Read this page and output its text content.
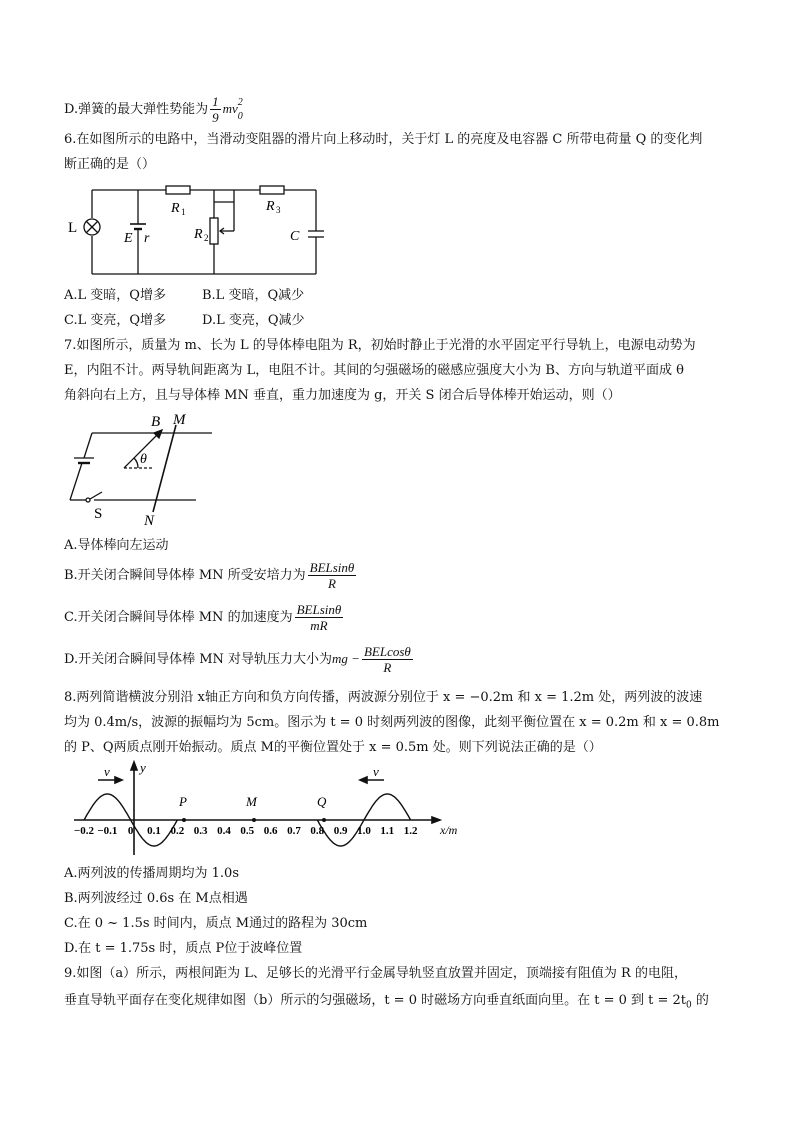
D.弹簧的最大弹性势能为 $\frac{1}{9}$ mv 2
0
6.在如图所示的电路中，当滑动变阻器的滑片向上移动时，关于灯 L 的亮度及电容器 C 所带电荷量 Q 的变化判
断正确的是（）
L
E r
R 1
R 2
R 3
C
A.L 变暗，Q增多	B.L 变暗，Q减少
C.L 变亮，Q增多	D.L 变亮，Q减少
7.如图所示，质量为 m、长为 L 的导体棒电阻为 R，初始时静止于光滑的水平固定平行导轨上，电源电动势为
E，内阻不计。两导轨间距离为 L，电阻不计。其间的匀强磁场的磁感应强度大小为 B、方向与轨道平面成 θ
角斜向右上方，且与导体棒 MN 垂直，重力加速度为 g，开关 S 闭合后导体棒开始运动，则（）
B M
θ
S	N
A.导体棒向左运动
B.开关闭合瞬间导体棒 MN 所受安培力为 $\frac{\text{BELsinθ}}{R}$
C.开关闭合瞬间导体棒 MN 的加速度为 $\frac{\text{BELsinθ}}{mR}$
D.开关闭合瞬间导体棒 MN 对导轨压力大小为mg − $\frac{\text{BELcosθ}}{R}$
8.两列简谐横波分别沿 x轴正方向和负方向传播，两波源分别位于 x = −0.2m 和 x = 1.2m 处，两列波的波速
均为 0.4m/s，波源的振幅均为 5cm。图示为 t = 0 时刻两列波的图像，此刻平衡位置在 x = 0.2m 和 x = 0.8m
的 P、Q两质点刚开始振动。质点 M的平衡位置处于 x = 0.5m 处。则下列说法正确的是（）
−0.2 −0.1 0 0.1 0.2 0.3 0.4 0.5 0.6 0.7 0.8 0.9 1.0 1.1 1.2
y
x/m
v	v
P	M	Q
A.两列波的传播周期均为 1.0s
B.两列波经过 0.6s 在 M点相遇
C.在 0 ~ 1.5s 时间内，质点 M通过的路程为 30cm
D.在 t = 1.75s 时，质点 P位于波峰位置
9.如图（a）所示，两根间距为 L、足够长的光滑平行金属导轨竖直放置并固定，顶端接有阻值为 R 的电阻，
垂直导轨平面存在变化规律如图（b）所示的匀强磁场，t = 0 时磁场方向垂直纸面向里。在 t = 0 到 $t = 2t_0$ 的
